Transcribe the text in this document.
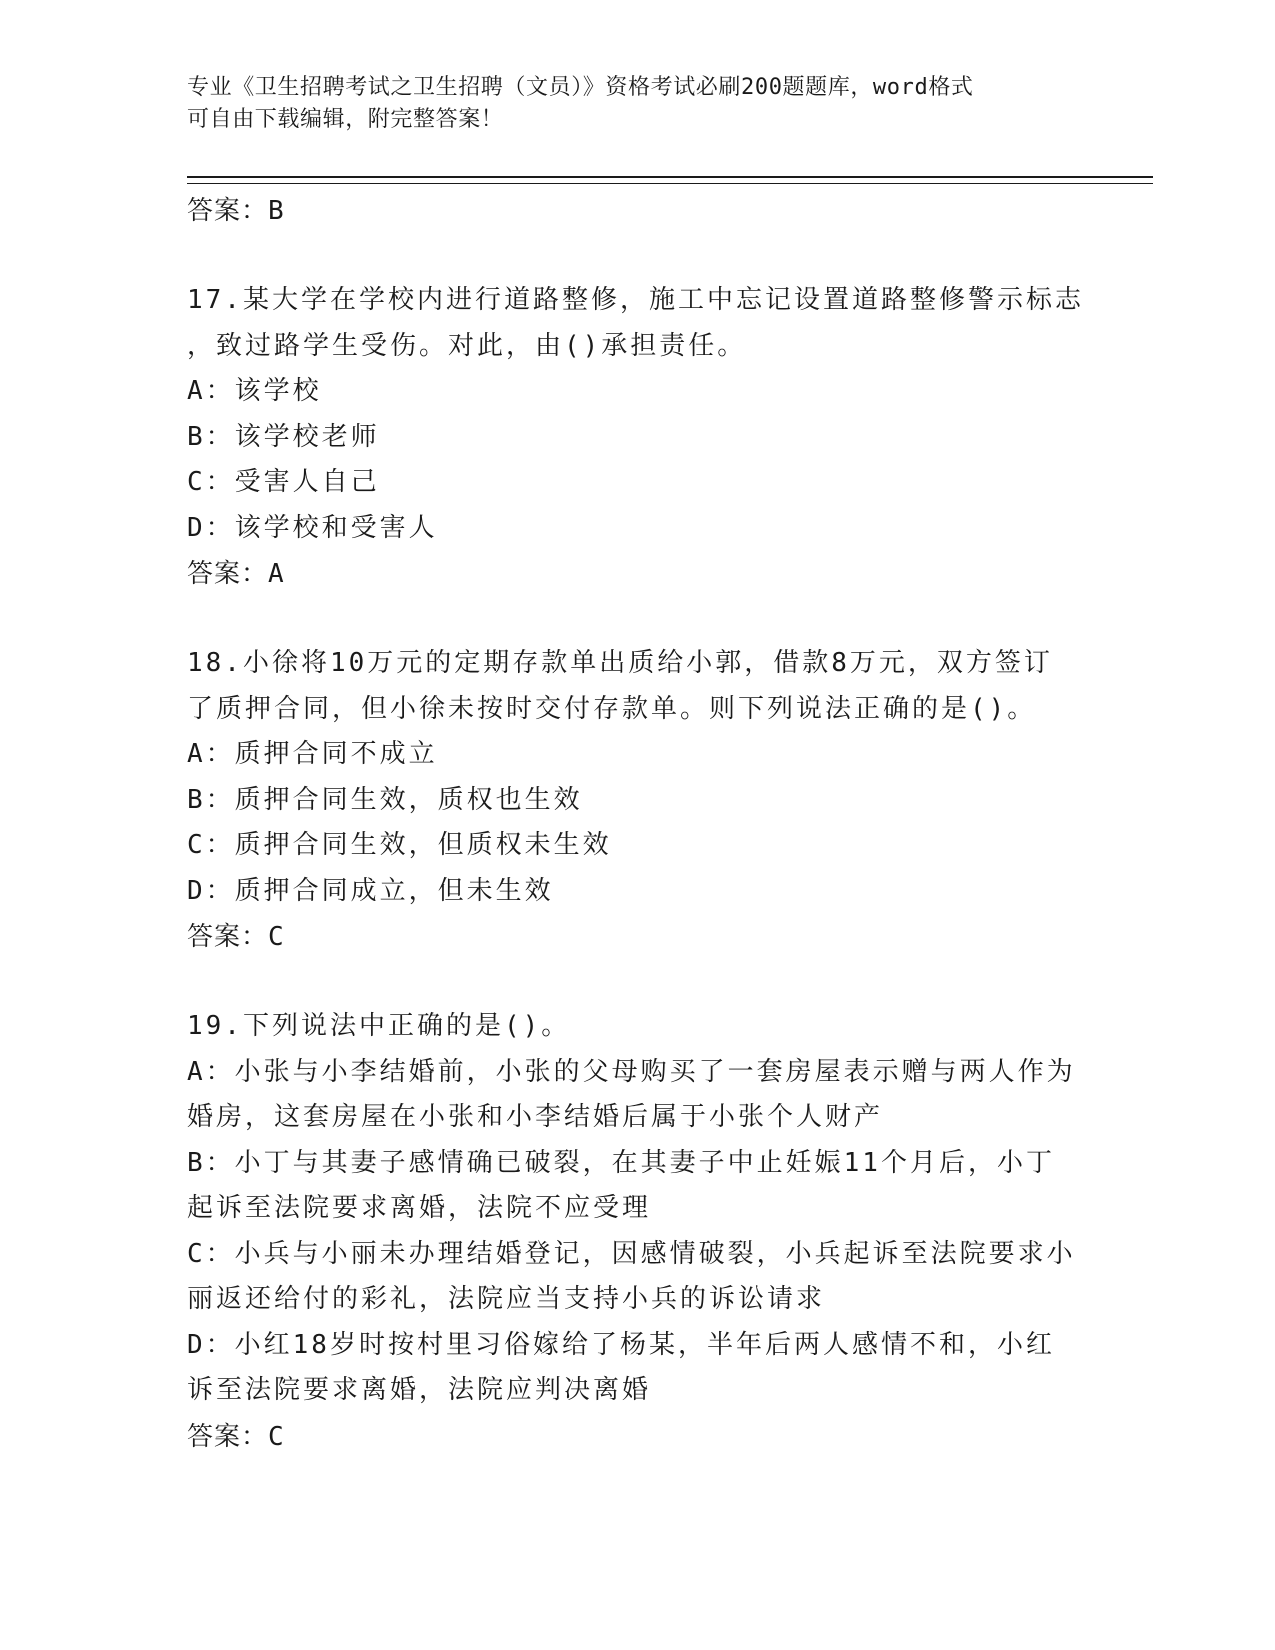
专业《卫生招聘考试之卫生招聘（文员）》资格考试必刷200题题库，word格式
可自由下载编辑，附完整答案！
答案：B
17.某大学在学校内进行道路整修，施工中忘记设置道路整修警示标志
，致过路学生受伤。对此，由()承担责任。
A：该学校
B：该学校老师
C：受害人自己
D：该学校和受害人
答案：A
18.小徐将10万元的定期存款单出质给小郭，借款8万元，双方签订
了质押合同，但小徐未按时交付存款单。则下列说法正确的是()。
A：质押合同不成立
B：质押合同生效，质权也生效
C：质押合同生效，但质权未生效
D：质押合同成立，但未生效
答案：C
19.下列说法中正确的是()。
A：小张与小李结婚前，小张的父母购买了一套房屋表示赠与两人作为
婚房，这套房屋在小张和小李结婚后属于小张个人财产
B：小丁与其妻子感情确已破裂，在其妻子中止妊娠11个月后，小丁
起诉至法院要求离婚，法院不应受理
C：小兵与小丽未办理结婚登记，因感情破裂，小兵起诉至法院要求小
丽返还给付的彩礼，法院应当支持小兵的诉讼请求
D：小红18岁时按村里习俗嫁给了杨某，半年后两人感情不和，小红
诉至法院要求离婚，法院应判决离婚
答案：C
